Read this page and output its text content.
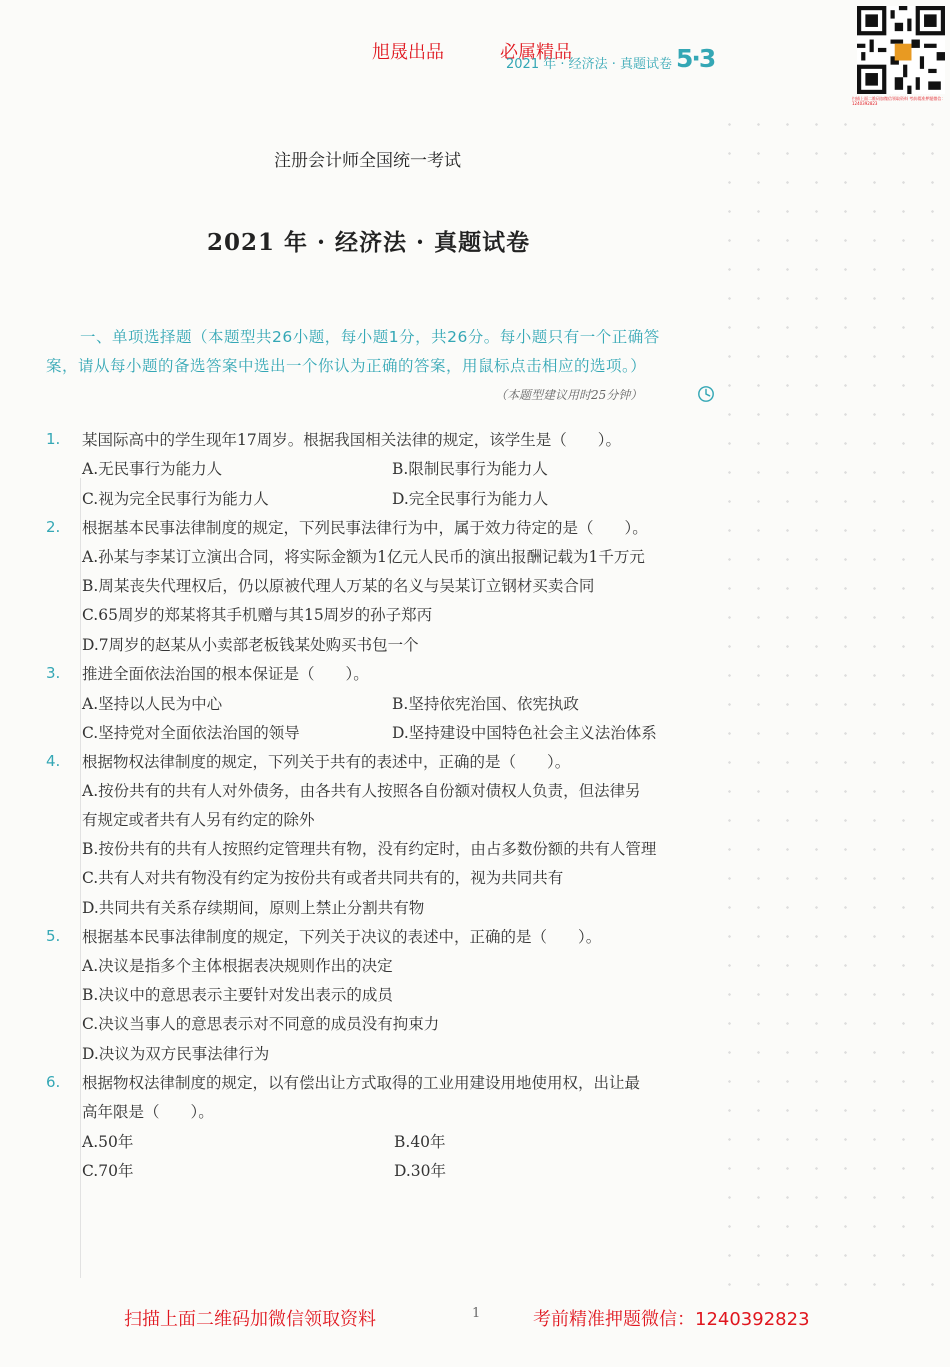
旭晟出品	必属精品
2021 年 · 经济法 · 真题试卷 5·3
扫描上面二维码加微信领取资料 考前精准押题微信：1240392823
注册会计师全国统一考试
2021 年 · 经济法 · 真题试卷
一、单项选择题（本题型共26小题，每小题1分，共26分。每小题只有一个正确答
案，请从每小题的备选答案中选出一个你认为正确的答案，用鼠标点击相应的选项。）
（本题型建议用时25分钟）
1. 某国际高中的学生现年17周岁。根据我国相关法律的规定，该学生是（　　）。
A.无民事行为能力人	B.限制民事行为能力人
C.视为完全民事行为能力人	D.完全民事行为能力人
2. 根据基本民事法律制度的规定，下列民事法律行为中，属于效力待定的是（　　）。
A.孙某与李某订立演出合同，将实际金额为1亿元人民币的演出报酬记载为1千万元
B.周某丧失代理权后，仍以原被代理人万某的名义与吴某订立钢材买卖合同
C.65周岁的郑某将其手机赠与其15周岁的孙子郑丙
D.7周岁的赵某从小卖部老板钱某处购买书包一个
3. 推进全面依法治国的根本保证是（　　）。
A.坚持以人民为中心	B.坚持依宪治国、依宪执政
C.坚持党对全面依法治国的领导	D.坚持建设中国特色社会主义法治体系
4. 根据物权法律制度的规定，下列关于共有的表述中，正确的是（　　）。
A.按份共有的共有人对外债务，由各共有人按照各自份额对债权人负责，但法律另
有规定或者共有人另有约定的除外
B.按份共有的共有人按照约定管理共有物，没有约定时，由占多数份额的共有人管理
C.共有人对共有物没有约定为按份共有或者共同共有的，视为共同共有
D.共同共有关系存续期间，原则上禁止分割共有物
5. 根据基本民事法律制度的规定，下列关于决议的表述中，正确的是（　　）。
A.决议是指多个主体根据表决规则作出的决定
B.决议中的意思表示主要针对发出表示的成员
C.决议当事人的意思表示对不同意的成员没有拘束力
D.决议为双方民事法律行为
6. 根据物权法律制度的规定，以有偿出让方式取得的工业用建设用地使用权，出让最
高年限是（　　）。
A.50年	B.40年
C.70年	D.30年
1
扫描上面二维码加微信领取资料	考前精准押题微信：1240392823
